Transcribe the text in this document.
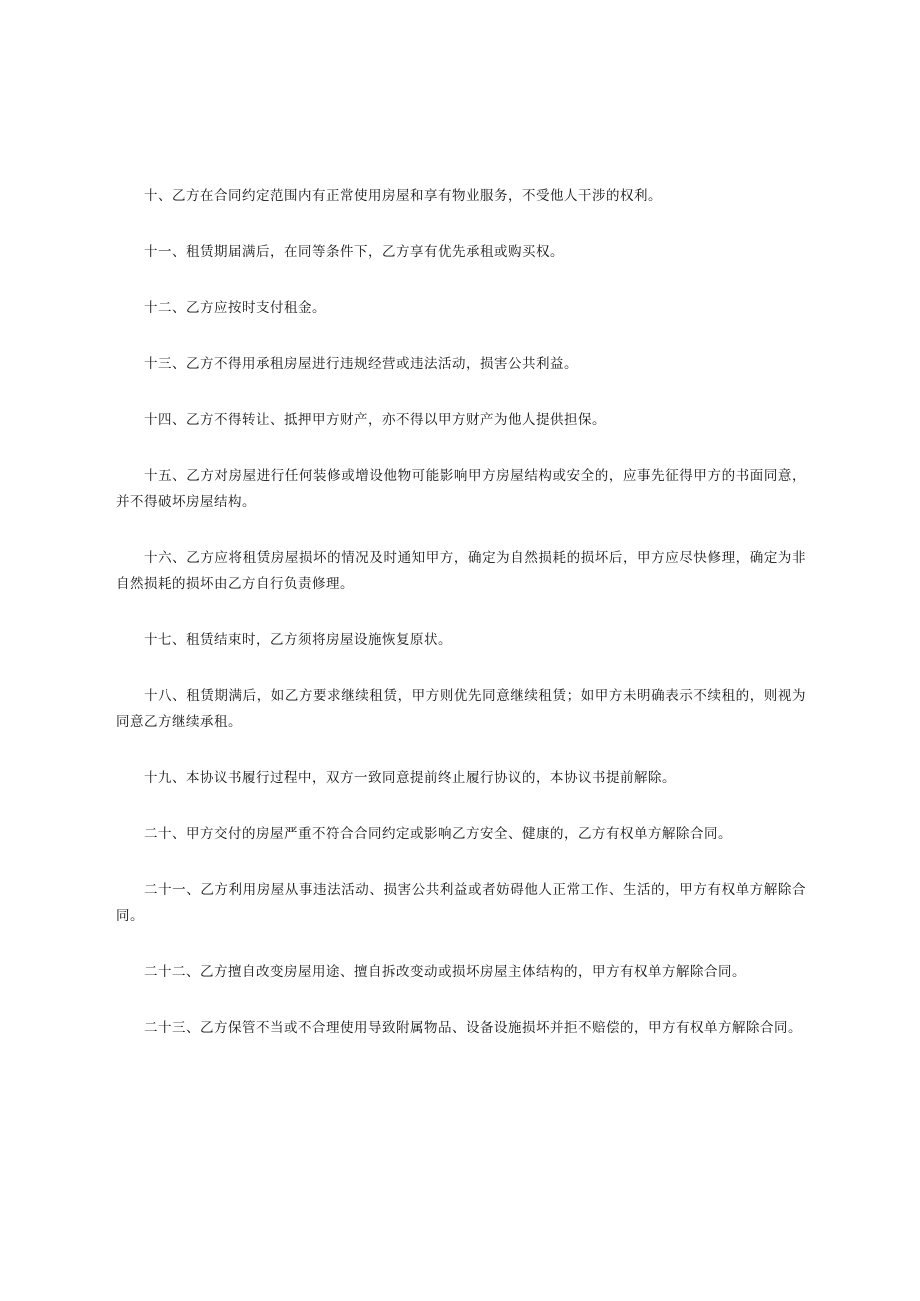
十、乙方在合同约定范围内有正常使用房屋和享有物业服务，不受他人干涉的权利。

十一、租赁期届满后，在同等条件下，乙方享有优先承租或购买权。

十二、乙方应按时支付租金。

十三、乙方不得用承租房屋进行违规经营或违法活动，损害公共利益。

十四、乙方不得转让、抵押甲方财产，亦不得以甲方财产为他人提供担保。

十五、乙方对房屋进行任何装修或增设他物可能影响甲方房屋结构或安全的，应事先征得甲方的书面同意，并不得破坏房屋结构。

十六、乙方应将租赁房屋损坏的情况及时通知甲方，确定为自然损耗的损坏后，甲方应尽快修理，确定为非自然损耗的损坏由乙方自行负责修理。

十七、租赁结束时，乙方须将房屋设施恢复原状。

十八、租赁期满后，如乙方要求继续租赁，甲方则优先同意继续租赁；如甲方未明确表示不续租的，则视为同意乙方继续承租。

十九、本协议书履行过程中，双方一致同意提前终止履行协议的，本协议书提前解除。

二十、甲方交付的房屋严重不符合合同约定或影响乙方安全、健康的，乙方有权单方解除合同。

二十一、乙方利用房屋从事违法活动、损害公共利益或者妨碍他人正常工作、生活的，甲方有权单方解除合同。

二十二、乙方擅自改变房屋用途、擅自拆改变动或损坏房屋主体结构的，甲方有权单方解除合同。

二十三、乙方保管不当或不合理使用导致附属物品、设备设施损坏并拒不赔偿的，甲方有权单方解除合同。
